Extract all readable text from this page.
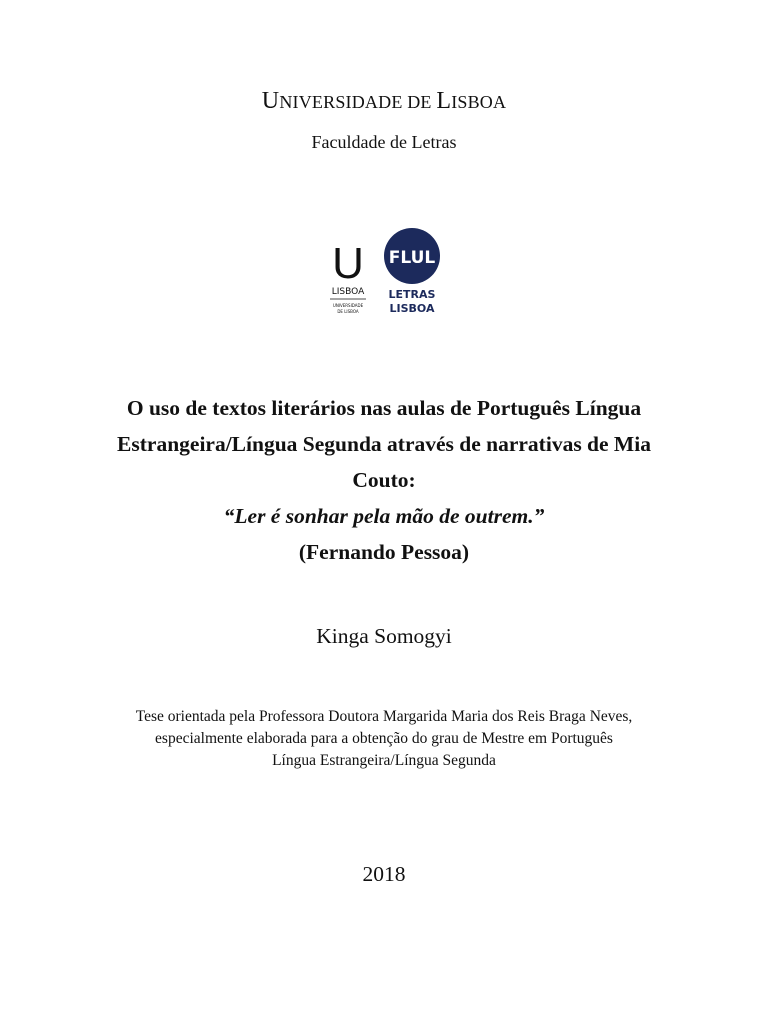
UNIVERSIDADE DE LISBOA
Faculdade de Letras
U
LISBOA
UNIVERSIDADE
DE LISBOA
FLUL
LETRAS
LISBOA
O uso de textos literários nas aulas de Português Língua
Estrangeira/Língua Segunda através de narrativas de Mia
Couto:
“Ler é sonhar pela mão de outrem.”
(Fernando Pessoa)
Kinga Somogyi
Tese orientada pela Professora Doutora Margarida Maria dos Reis Braga Neves,
especialmente elaborada para a obtenção do grau de Mestre em Português
Língua Estrangeira/Língua Segunda
2018
